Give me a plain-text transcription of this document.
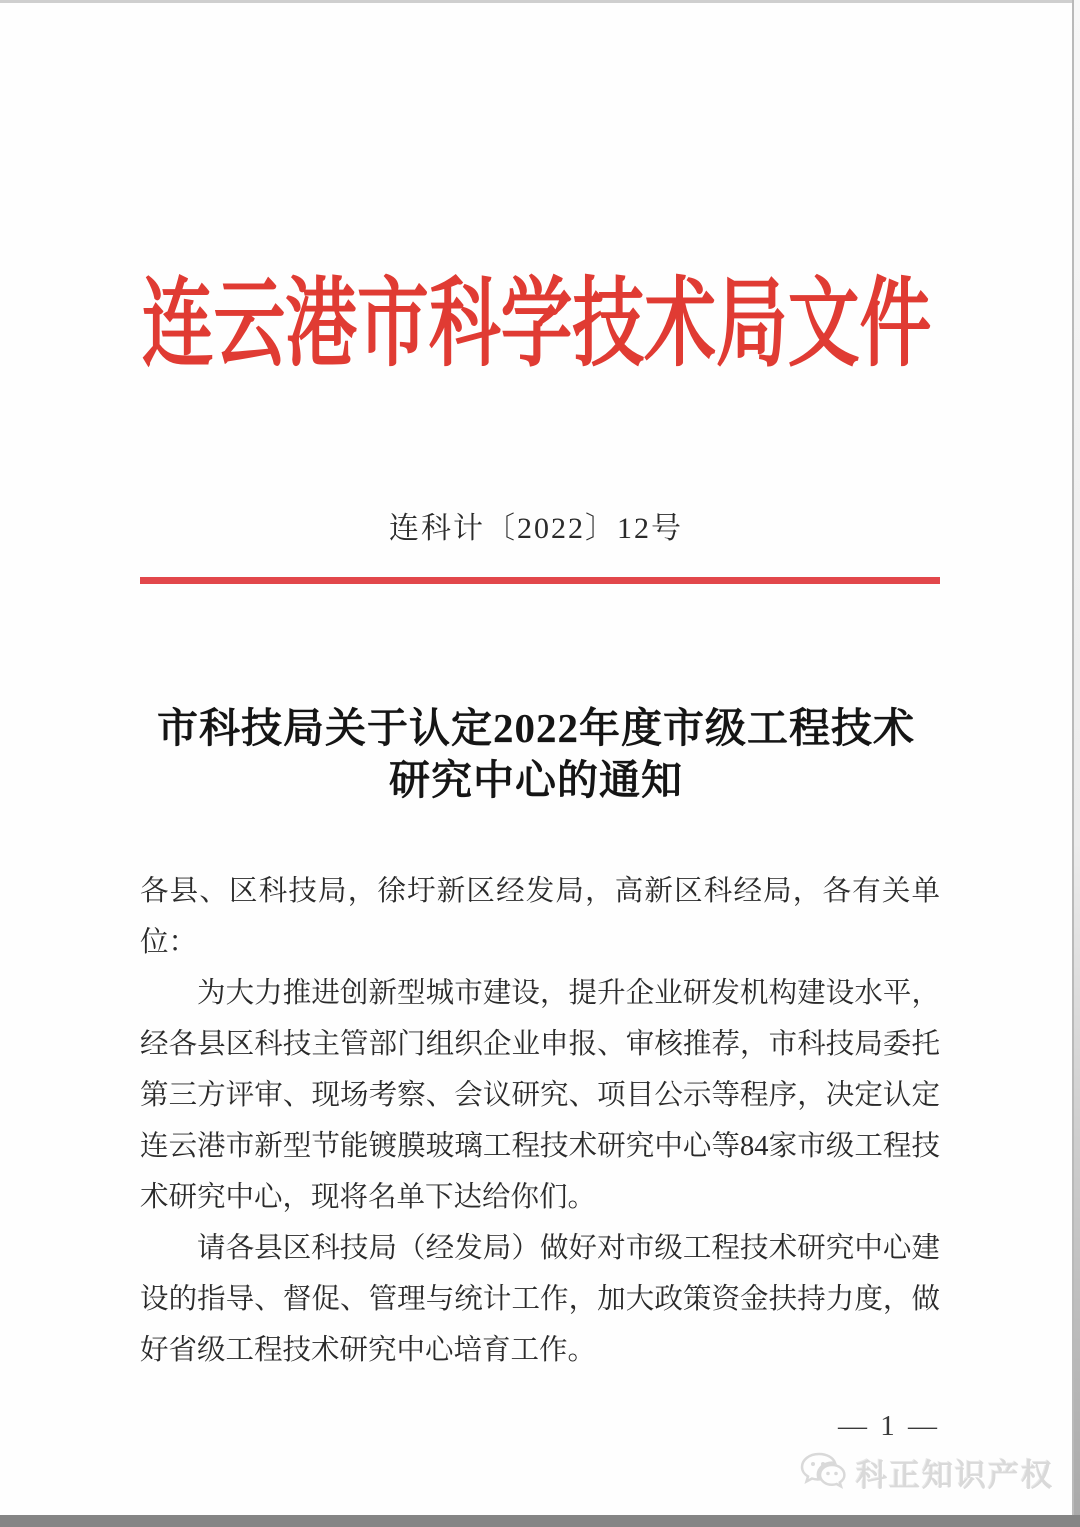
连云港市科学技术局文件
连科计〔2022〕12号
市科技局关于认定2022年度市级工程技术
研究中心的通知

各县、区科技局，徐圩新区经发局，高新区科经局，各有关单位：

为大力推进创新型城市建设，提升企业研发机构建设水平，经各县区科技主管部门组织企业申报、审核推荐，市科技局委托第三方评审、现场考察、会议研究、项目公示等程序，决定认定连云港市新型节能镀膜玻璃工程技术研究中心等84家市级工程技术研究中心，现将名单下达给你们。

请各县区科技局（经发局）做好对市级工程技术研究中心建设的指导、督促、管理与统计工作，加大政策资金扶持力度，做好省级工程技术研究中心培育工作。

— 1 —
科正知识产权
